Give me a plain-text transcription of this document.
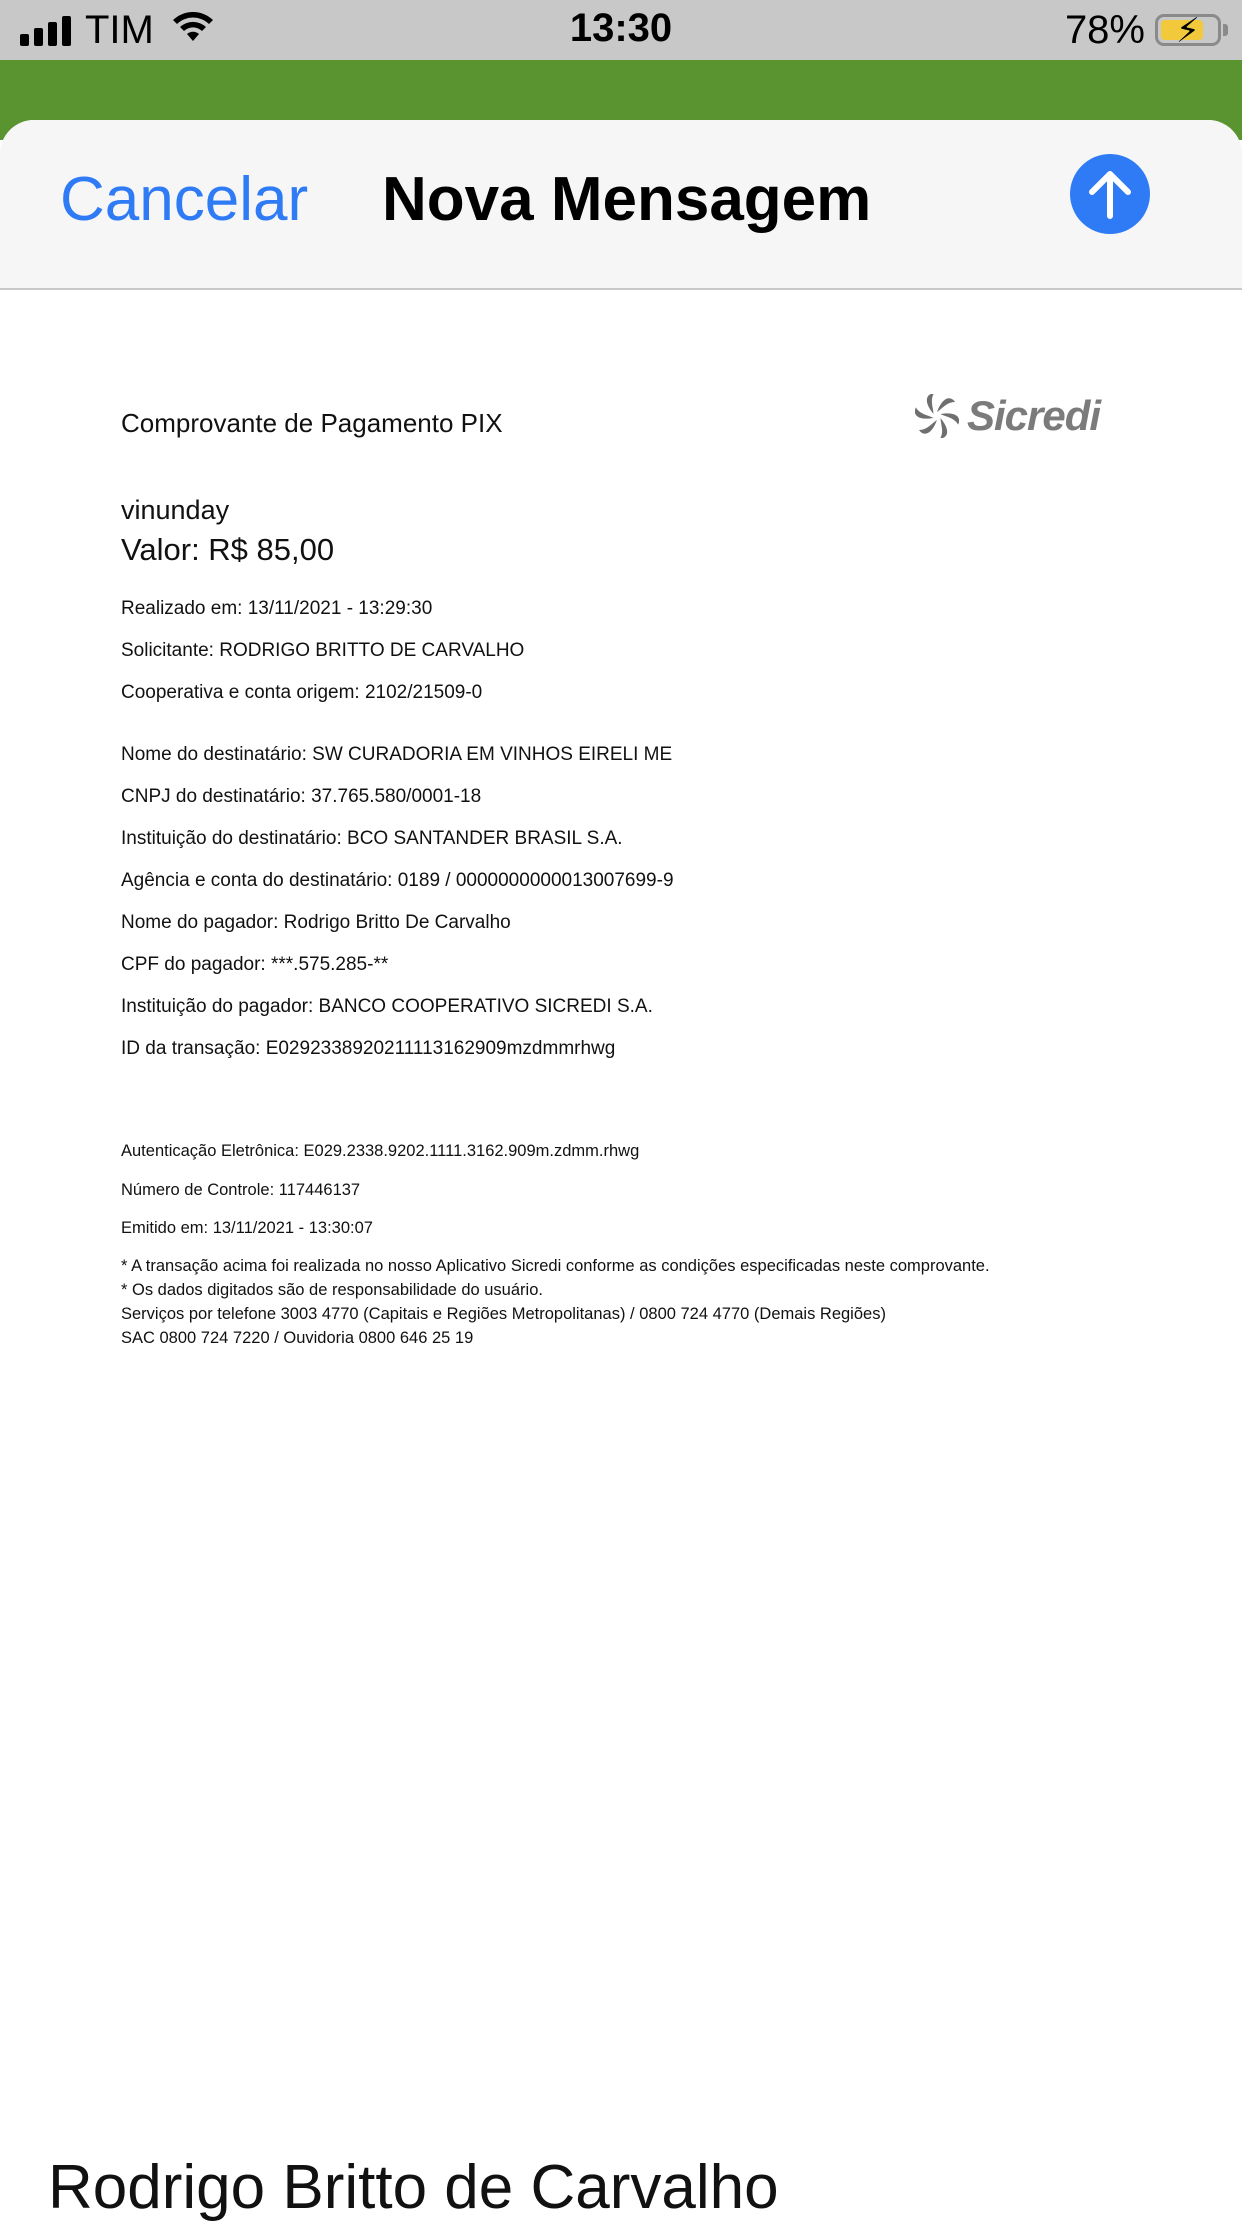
TIM	13:30	78% ⚡
Cancelar Nova Mensagem
Comprovante de Pagamento PIX	Sicredi
vinunday
Valor: R$ 85,00
Realizado em: 13/11/2021 - 13:29:30
Solicitante: RODRIGO BRITTO DE CARVALHO
Cooperativa e conta origem: 2102/21509-0
Nome do destinatário: SW CURADORIA EM VINHOS EIRELI ME
CNPJ do destinatário: 37.765.580/0001-18
Instituição do destinatário: BCO SANTANDER BRASIL S.A.
Agência e conta do destinatário: 0189 / 0000000000013007699-9
Nome do pagador: Rodrigo Britto De Carvalho
CPF do pagador: ***.575.285-**
Instituição do pagador: BANCO COOPERATIVO SICREDI S.A.
ID da transação: E0292338920211113162909mzdmmrhwg
Autenticação Eletrônica: E029.2338.9202.1111.3162.909m.zdmm.rhwg
Número de Controle: 117446137
Emitido em: 13/11/2021 - 13:30:07
* A transação acima foi realizada no nosso Aplicativo Sicredi conforme as condições especificadas neste comprovante.
* Os dados digitados são de responsabilidade do usuário.
Serviços por telefone 3003 4770 (Capitais e Regiões Metropolitanas) / 0800 724 4770 (Demais Regiões)
SAC 0800 724 7220 / Ouvidoria 0800 646 25 19
Rodrigo Britto de Carvalho
